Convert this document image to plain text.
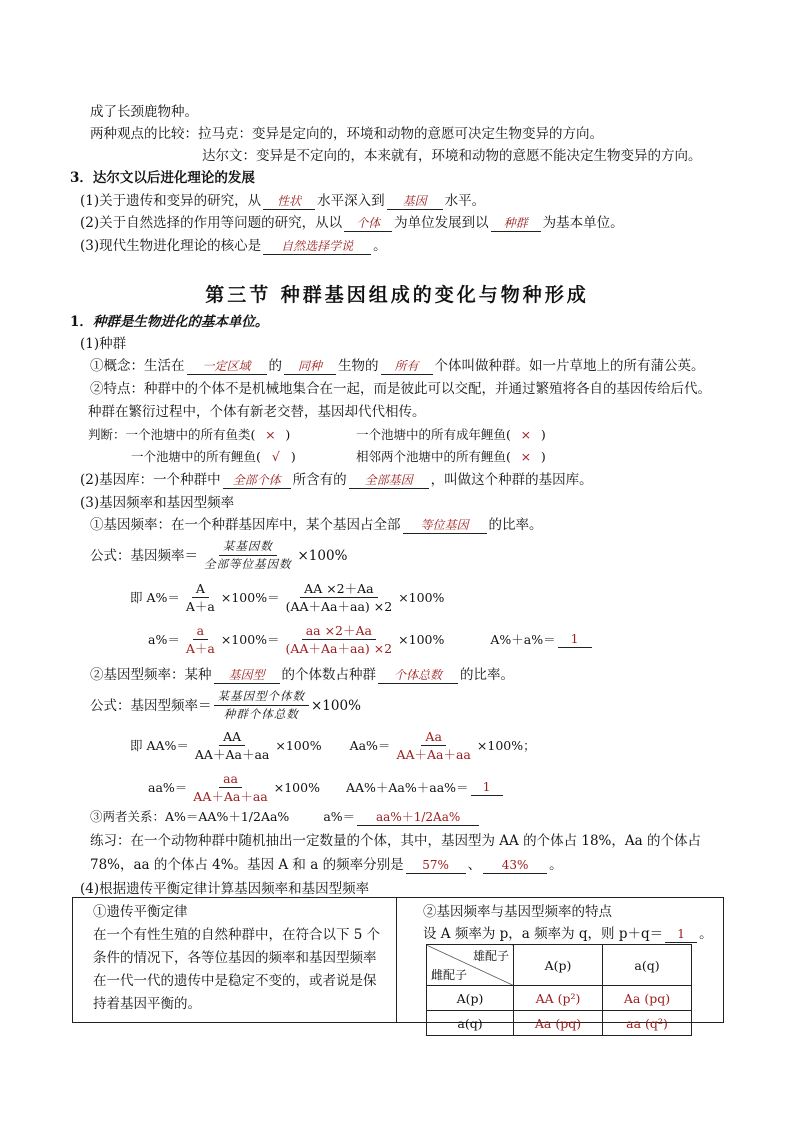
成了长颈鹿物种。
两种观点的比较：拉马克：变异是定向的，环境和动物的意愿可决定生物变异的方向。
达尔文：变异是不定向的，本来就有，环境和动物的意愿不能决定生物变异的方向。
3．达尔文以后进化理论的发展
(1)关于遗传和变异的研究，从 性状 水平深入到 基因 水平。
(2)关于自然选择的作用等问题的研究，从以 个体 为单位发展到以 种群 为基本单位。
(3)现代生物进化理论的核心是 自然选择学说 。
第三节 种群基因组成的变化与物种形成
1．种群是生物进化的基本单位。
(1)种群
①概念：生活在 一定区域 的 同种 生物的 所有 个体叫做种群。如一片草地上的所有蒲公英。
②特点：种群中的个体不是机械地集合在一起，而是彼此可以交配，并通过繁殖将各自的基因传给后代。
种群在繁衍过程中，个体有新老交替，基因却代代相传。
判断：一个池塘中的所有鱼类( × )	一个池塘中的所有成年鲤鱼( × )
一个池塘中的所有鲤鱼( √ )	相邻两个池塘中的所有鲤鱼( × )
(2)基因库：一个种群中 全部个体 所含有的 全部基因 ，叫做这个种群的基因库。
(3)基因频率和基因型频率
①基因频率：在一个种群基因库中，某个基因占全部 等位基因 的比率。
公式：基因频率＝ $\frac{\text{某基因数}}{\text{全部等位基因数}} \times 100\%$
即 $A\%= \frac{A}{A+a} \times 100\%= \frac{AA \times 2+Aa}{(AA+Aa+aa) \times 2} \times 100\%$
$a\%= \frac{a}{A+a} \times 100\%= \frac{aa \times 2+Aa}{(AA+Aa+aa) \times 2} \times 100\%$	A%＋a%＝	1
②基因型频率：某种 基因型 的个体数占种群 个体总数 的比率。
公式：基因型频率＝ $\frac{\text{某基因型个体数}}{\text{种群个体总数}} \times 100\%$
即 $AA\%= \frac{AA}{AA+Aa+aa} \times 100\%$ $Aa\%= \frac{Aa}{AA+Aa+aa} \times 100\%$；
$aa\%= \frac{aa}{AA+Aa+aa} \times 100\%$ AA%＋Aa%＋aa%＝	1
③两者关系：A%＝AA%＋1/2Aa%	a%＝ aa%＋1/2Aa%
练习：在一个动物种群中随机抽出一定数量的个体，其中，基因型为 AA 的个体占 18%，Aa 的个体占
78%，aa 的个体占 4%。基因 A 和 a 的频率分别是 57% 、 43% 。
(4)根据遗传平衡定律计算基因频率和基因型频率
①遗传平衡定律
在一个有性生殖的自然种群中，在符合以下 5 个
条件的情况下，各等位基因的频率和基因型频率
在一代一代的遗传中是稳定不变的，或者说是保
持着基因平衡的。
②基因频率与基因型频率的特点
设 A 频率为 p，a 频率为 q，则 p＋q＝ 1 。
雄配子
雌配子	A(p)	a(q)
A(p)	AA (p²)	Aa (pq)
a(q)	Aa (pq)	aa (q²)
